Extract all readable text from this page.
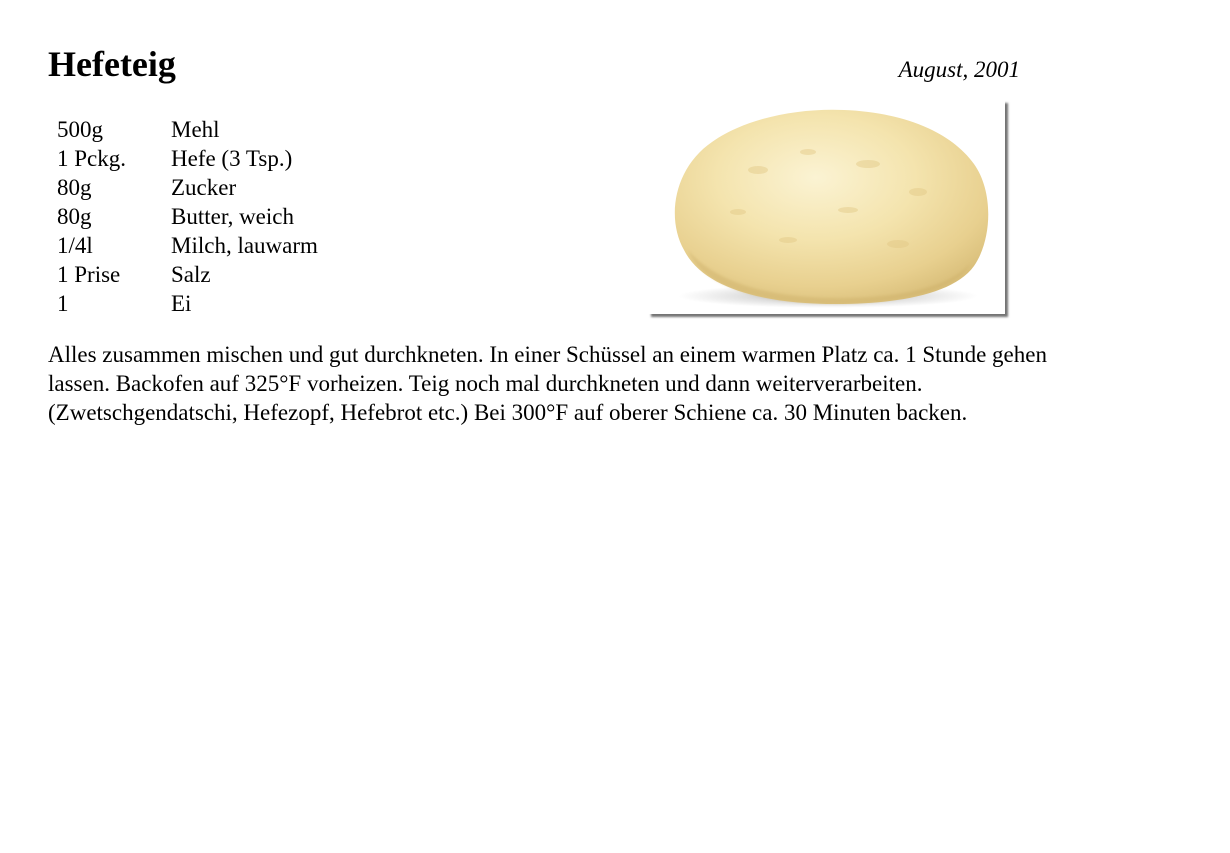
Hefeteig	August, 2001
500g	Mehl
1 Pckg.	Hefe (3 Tsp.)
80g	Zucker
80g	Butter, weich
1/4l	Milch, lauwarm
1 Prise	Salz
1	Ei

Alles zusammen mischen und gut durchkneten. In einer Schüssel an einem warmen Platz ca. 1 Stunde gehen lassen. Backofen auf 325°F vorheizen. Teig noch mal durchkneten und dann weiterverarbeiten. (Zwetschgendatschi, Hefezopf, Hefebrot etc.) Bei 300°F auf oberer Schiene ca. 30 Minuten backen.
